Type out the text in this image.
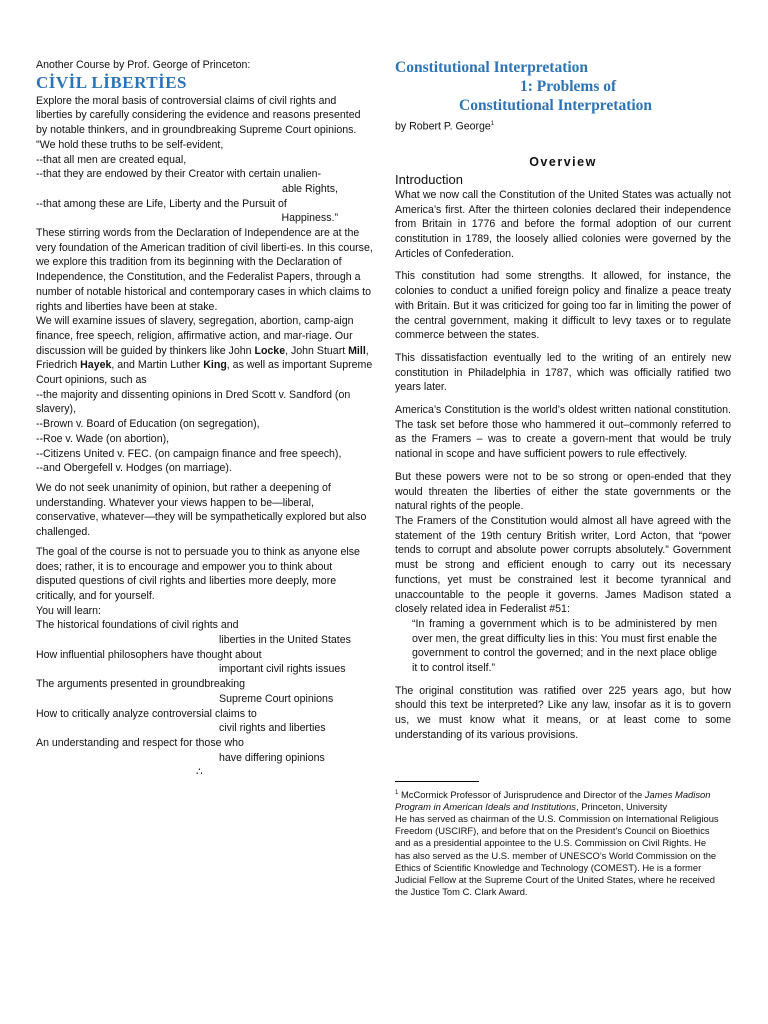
Another Course by Prof. George of Princeton:

CİVİL LİBERTİES

Explore the moral basis of controversial claims of civil rights and liberties by carefully considering the evidence and reasons presented by notable thinkers, and in groundbreaking Supreme Court opinions.

"We hold these truths to be self-evident,

--that all men are created equal,

--that they are endowed by their Creator with certain unalien-

able Rights,

--that among these are Life, Liberty and the Pursuit of

Happiness.”

These stirring words from the Declaration of Independence are at the very foundation of the American tradition of civil liberti-es. In this course, we explore this tradition from its beginning with the Declaration of Independence, the Constitution, and the Federalist Papers, through a number of notable historical and contemporary cases in which claims to rights and liberties have been at stake.

We will examine issues of slavery, segregation, abortion, camp-aign finance, free speech, religion, affirmative action, and mar-riage. Our discussion will be guided by thinkers like John Locke, John Stuart Mill, Friedrich Hayek, and Martin Luther King, as well as important Supreme Court opinions, such as

--the majority and dissenting opinions in Dred Scott v. Sandford (on slavery),

--Brown v. Board of Education (on segregation),

--Roe v. Wade (on abortion),

--Citizens United v. FEC. (on campaign finance and free speech),

--and Obergefell v. Hodges (on marriage).

We do not seek unanimity of opinion, but rather a deepening of understanding. Whatever your views happen to be—liberal, conservative, whatever—they will be sympathetically explored but also challenged.

The goal of the course is not to persuade you to think as anyone else does; rather, it is to encourage and empower you to think about disputed questions of civil rights and liberties more deeply, more critically, and for yourself.

You will learn:

The historical foundations of civil rights and

liberties in the United States

How influential philosophers have thought about

important civil rights issues

The arguments presented in groundbreaking

Supreme Court opinions

How to critically analyze controversial claims to

civil rights and liberties

An understanding and respect for those who

have differing opinions

∴

Constitutional Interpretation
1: Problems of
Constitutional Interpretation

by Robert P. George$^1$

Overview
Introduction

What we now call the Constitution of the United States was actually not America’s first. After the thirteen colonies declared their independence from Britain in 1776 and before the formal adoption of our current constitution in 1789, the loosely allied colonies were governed by the Articles of Confederation.

This constitution had some strengths. It allowed, for instance, the colonies to conduct a unified foreign policy and finalize a peace treaty with Britain. But it was criticized for going too far in limiting the power of the central government, making it difficult to levy taxes or to regulate commerce between the states.

This dissatisfaction eventually led to the writing of an entirely new constitution in Philadelphia in 1787, which was officially ratified two years later.

America’s Constitution is the world’s oldest written national constitution. The task set before those who hammered it out–commonly referred to as the Framers – was to create a govern-ment that would be truly national in scope and have sufficient powers to rule effectively.

But these powers were not to be so strong or open-ended that they would threaten the liberties of either the state governments or the natural rights of the people.

The Framers of the Constitution would almost all have agreed with the statement of the 19th century British writer, Lord Acton, that “power tends to corrupt and absolute power corrupts absolutely.” Government must be strong and efficient enough to carry out its necessary functions, yet must be constrained lest it become tyrannical and unaccountable to the people it governs. James Madison stated a closely related idea in Federalist #51:

“In framing a government which is to be administered by men over men, the great difficulty lies in this: You must first enable the government to control the governed; and in the next place oblige it to control itself.”

The original constitution was ratified over 225 years ago, but how should this text be interpreted? Like any law, insofar as it is to govern us, we must know what it means, or at least come to some understanding of its various provisions.

$^1$ McCormick Professor of Jurisprudence and Director of the James Madison Program in American Ideals and Institutions, Princeton, University

He has served as chairman of the U.S. Commission on International Religious Freedom (USCIRF), and before that on the President’s Council on Bioethics and as a presidential appointee to the U.S. Commission on Civil Rights. He has also served as the U.S. member of UNESCO’s World Commission on the Ethics of Scientific Knowledge and Technology (COMEST). He is a former Judicial Fellow at the Supreme Court of the United States, where he received the Justice Tom C. Clark Award.
